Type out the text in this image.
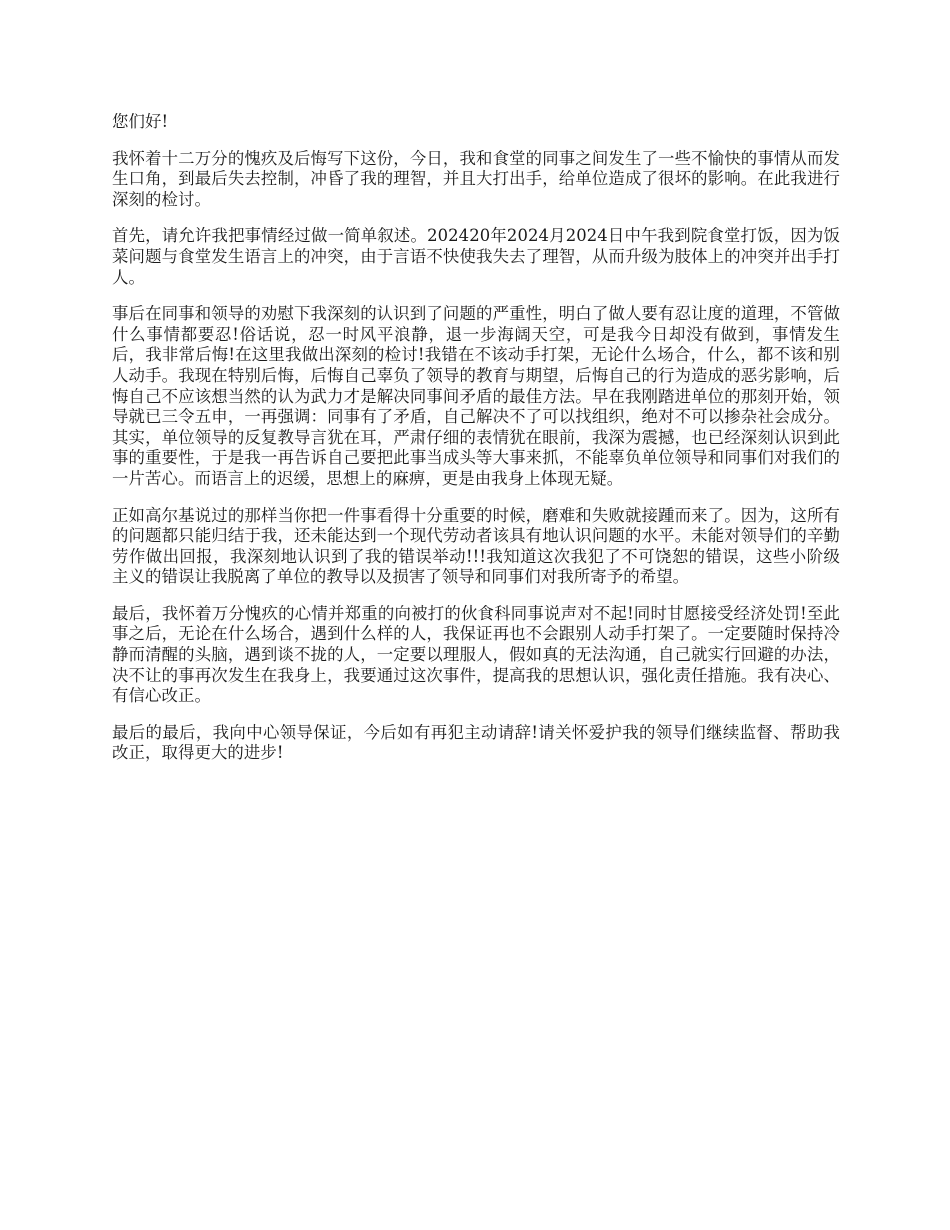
您们好!

我怀着十二万分的愧疚及后悔写下这份，今日，我和食堂的同事之间发生了一些不愉快的事情从而发生口角，到最后失去控制，冲昏了我的理智，并且大打出手，给单位造成了很坏的影响。在此我进行深刻的检讨。

首先，请允许我把事情经过做一简单叙述。202420年2024月2024日中午我到院食堂打饭，因为饭菜问题与食堂发生语言上的冲突，由于言语不快使我失去了理智，从而升级为肢体上的冲突并出手打人。

事后在同事和领导的劝慰下我深刻的认识到了问题的严重性，明白了做人要有忍让度的道理，不管做什么事情都要忍!俗话说，忍一时风平浪静，退一步海阔天空，可是我今日却没有做到，事情发生后，我非常后悔!在这里我做出深刻的检讨!我错在不该动手打架，无论什么场合，什么，都不该和别人动手。我现在特别后悔，后悔自己辜负了领导的教育与期望，后悔自己的行为造成的恶劣影响，后悔自己不应该想当然的认为武力才是解决同事间矛盾的最佳方法。早在我刚踏进单位的那刻开始，领导就已三令五申，一再强调：同事有了矛盾，自己解决不了可以找组织，绝对不可以掺杂社会成分。其实，单位领导的反复教导言犹在耳，严肃仔细的表情犹在眼前，我深为震撼，也已经深刻认识到此事的重要性，于是我一再告诉自己要把此事当成头等大事来抓，不能辜负单位领导和同事们对我们的一片苦心。而语言上的迟缓，思想上的麻痹，更是由我身上体现无疑。

正如高尔基说过的那样当你把一件事看得十分重要的时候，磨难和失败就接踵而来了。因为，这所有的问题都只能归结于我，还未能达到一个现代劳动者该具有地认识问题的水平。未能对领导们的辛勤劳作做出回报，我深刻地认识到了我的错误举动!!!我知道这次我犯了不可饶恕的错误，这些小阶级主义的错误让我脱离了单位的教导以及损害了领导和同事们对我所寄予的希望。

最后，我怀着万分愧疚的心情并郑重的向被打的伙食科同事说声对不起!同时甘愿接受经济处罚!至此事之后，无论在什么场合，遇到什么样的人，我保证再也不会跟别人动手打架了。一定要随时保持冷静而清醒的头脑，遇到谈不拢的人，一定要以理服人，假如真的无法沟通，自己就实行回避的办法，决不让的事再次发生在我身上，我要通过这次事件，提高我的思想认识，强化责任措施。我有决心、有信心改正。

最后的最后，我向中心领导保证，今后如有再犯主动请辞!请关怀爱护我的领导们继续监督、帮助我改正，取得更大的进步!
